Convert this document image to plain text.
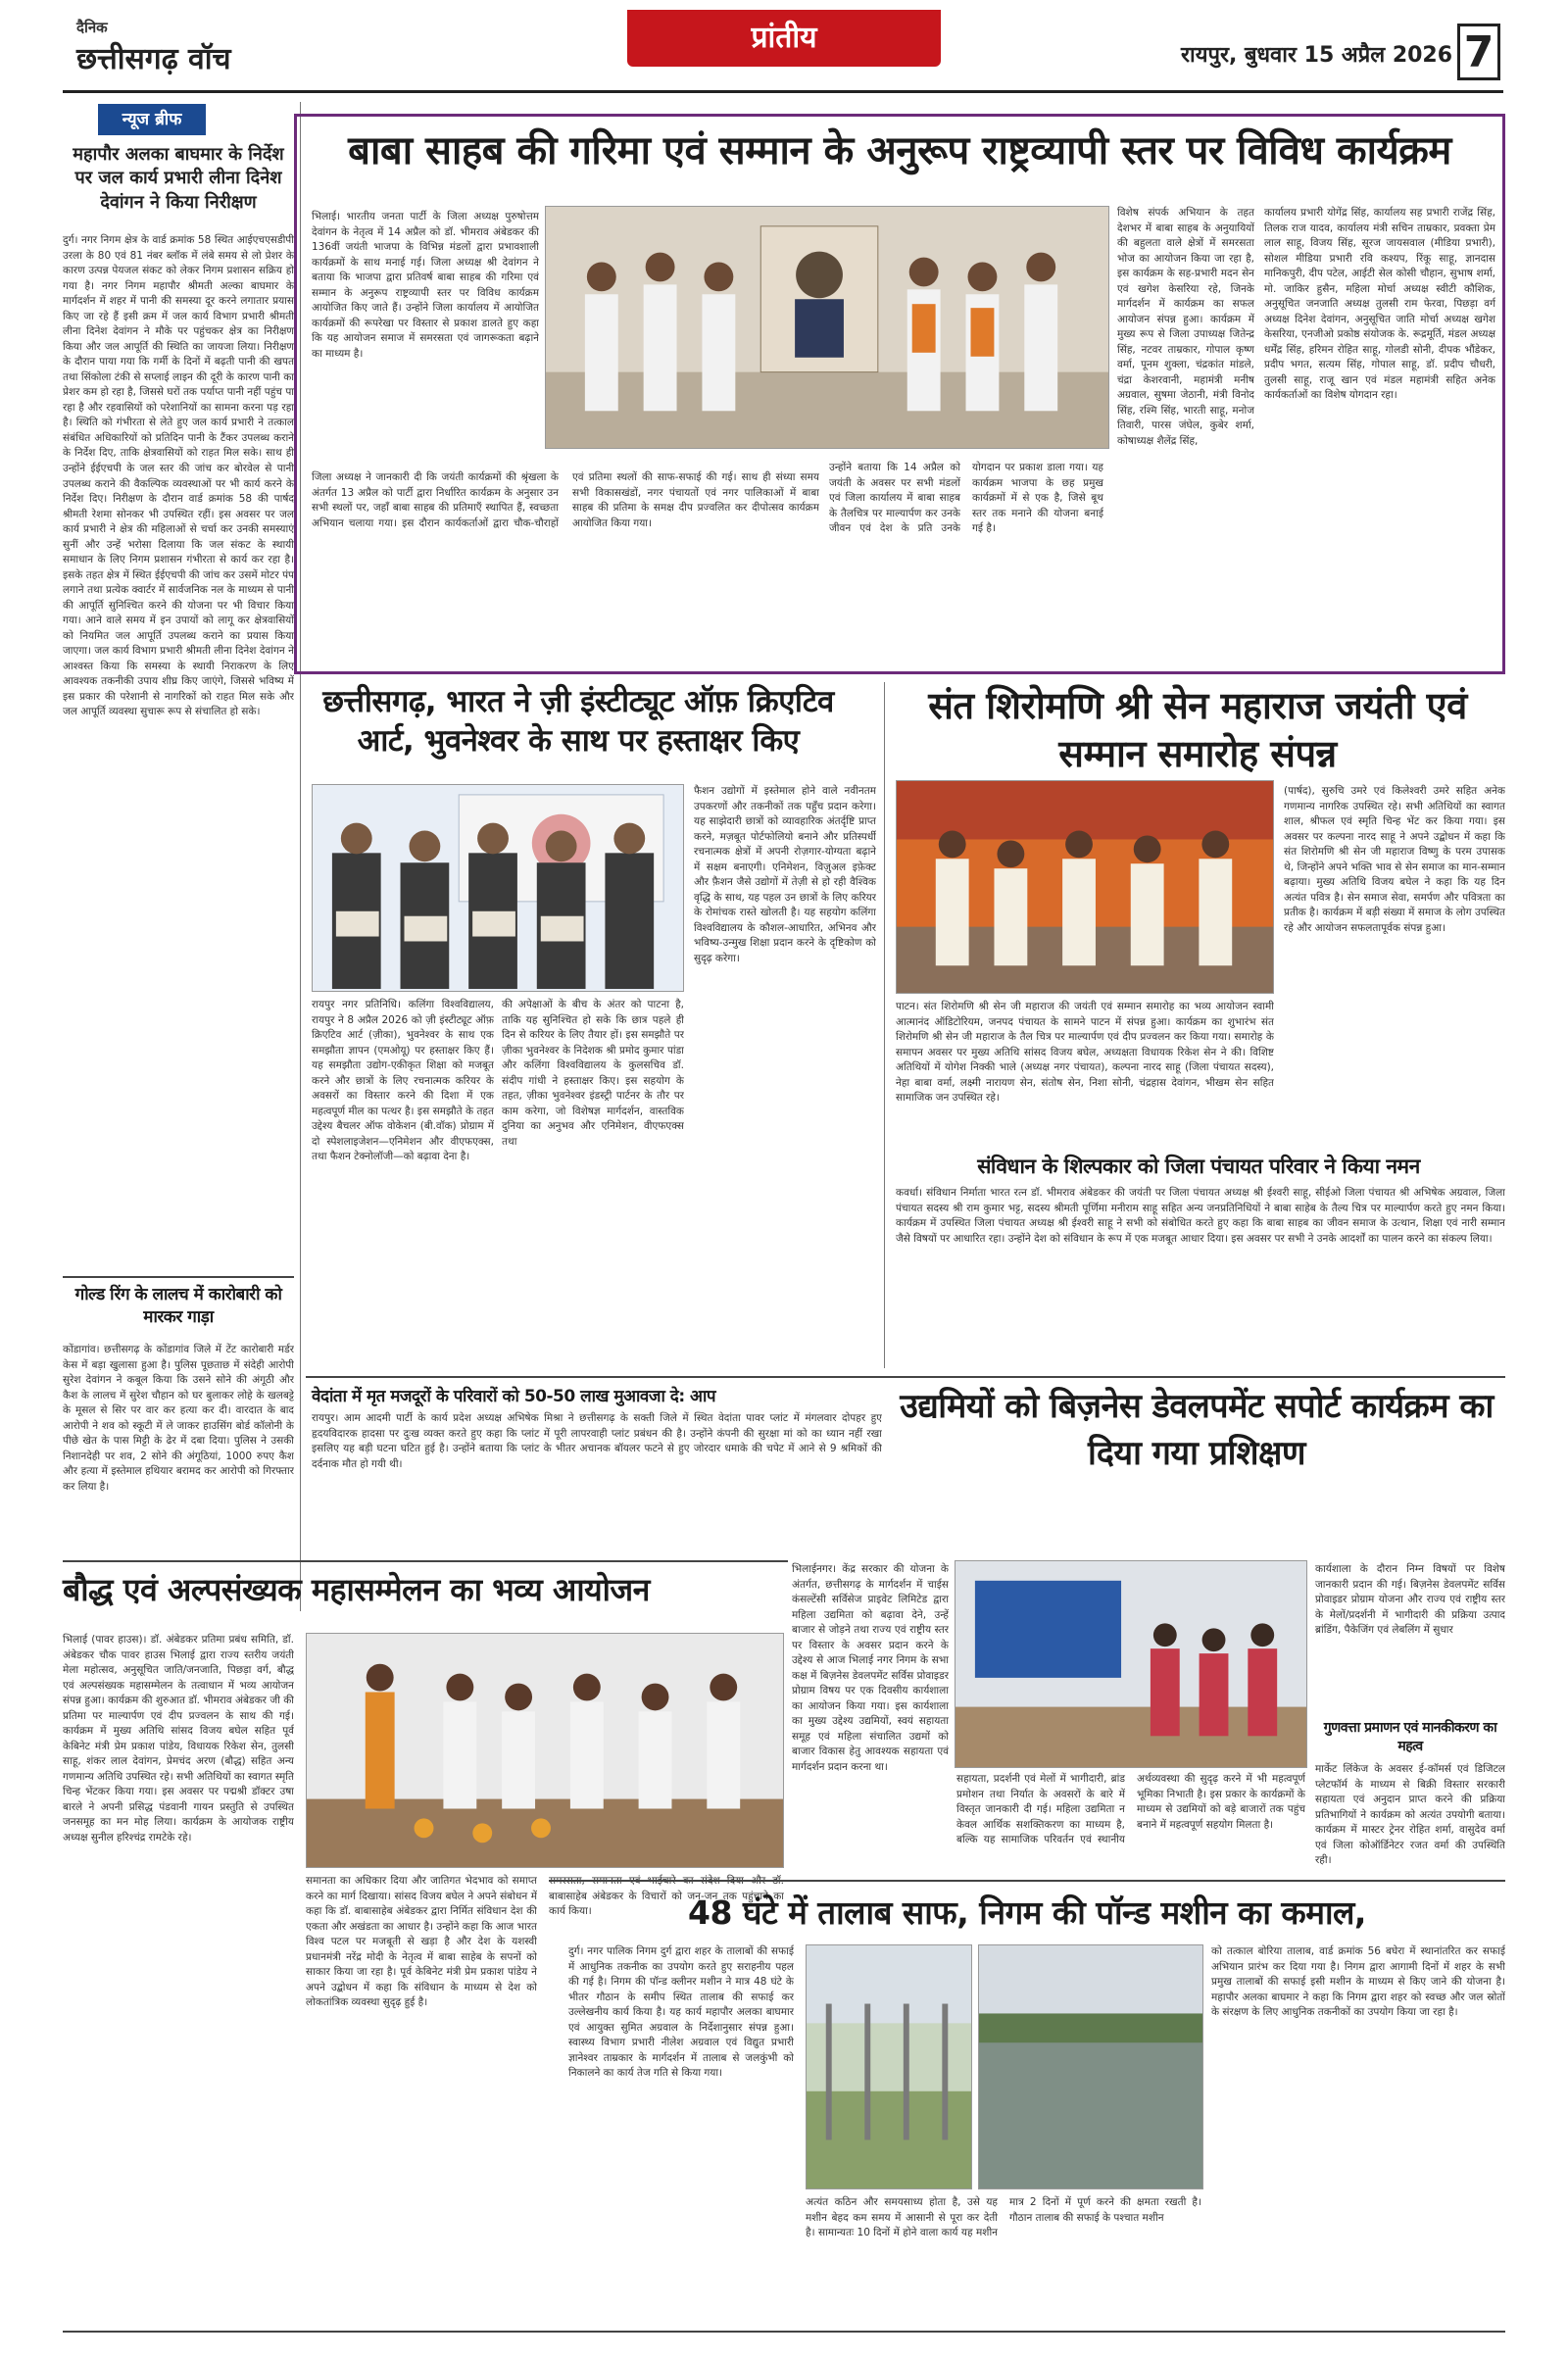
दैनिक
छत्तीसगढ़ वॉच
प्रांतीय
रायपुर, बुधवार 15 अप्रैल 2026 7
न्यूज ब्रीफ
महापौर अलका बाघमार के निर्देश पर जल कार्य प्रभारी लीना दिनेश देवांगन ने किया निरीक्षण
दुर्ग। नगर निगम क्षेत्र के वार्ड क्रमांक 58 स्थित आईएचएसडीपी उरला के 80 एवं 81 नंबर ब्लॉक में लंबे समय से लो प्रेशर के कारण उत्पन्न पेयजल संकट को लेकर निगम प्रशासन सक्रिय हो गया है। नगर निगम महापौर श्रीमती अल्का बाघमार के मार्गदर्शन में शहर में पानी की समस्या दूर करने लगातार प्रयास किए जा रहे हैं इसी क्रम में जल कार्य विभाग प्रभारी श्रीमती लीना दिनेश देवांगन ने मौके पर पहुंचकर क्षेत्र का निरीक्षण किया और जल आपूर्ति की स्थिति का जायजा लिया। निरीक्षण के दौरान पाया गया कि गर्मी के दिनों में बढ़ती पानी की खपत तथा सिंकोला टंकी से सप्लाई लाइन की दूरी के कारण पानी का प्रेशर कम हो रहा है, जिससे घरों तक पर्याप्त पानी नहीं पहुंच पा रहा है और रहवासियों को परेशानियों का सामना करना पड़ रहा है। स्थिति को गंभीरता से लेते हुए जल कार्य प्रभारी ने तत्काल संबंधित अधिकारियों को प्रतिदिन पानी के टैंकर उपलब्ध कराने के निर्देश दिए, ताकि क्षेत्रवासियों को राहत मिल सके। साथ ही उन्होंने ईईएचपी के जल स्तर की जांच कर बोरवेल से पानी उपलब्ध कराने की वैकल्पिक व्यवस्थाओं पर भी कार्य करने के निर्देश दिए। निरीक्षण के दौरान वार्ड क्रमांक 58 की पार्षद श्रीमती रेशमा सोनकर भी उपस्थित रहीं। इस अवसर पर जल कार्य प्रभारी ने क्षेत्र की महिलाओं से चर्चा कर उनकी समस्याएं सुनीं और उन्हें भरोसा दिलाया कि जल संकट के स्थायी समाधान के लिए निगम प्रशासन गंभीरता से कार्य कर रहा है। इसके तहत क्षेत्र में स्थित ईईएचपी की जांच कर उसमें मोटर पंप लगाने तथा प्रत्येक क्वार्टर में सार्वजनिक नल के माध्यम से पानी की आपूर्ति सुनिश्चित करने की योजना पर भी विचार किया गया। आने वाले समय में इन उपायों को लागू कर क्षेत्रवासियों को नियमित जल आपूर्ति उपलब्ध कराने का प्रयास किया जाएगा। जल कार्य विभाग प्रभारी श्रीमती लीना दिनेश देवांगन ने आश्वस्त किया कि समस्या के स्थायी निराकरण के लिए आवश्यक तकनीकी उपाय शीघ्र किए जाएंगे, जिससे भविष्य में इस प्रकार की परेशानी से नागरिकों को राहत मिल सके और जल आपूर्ति व्यवस्था सुचारू रूप से संचालित हो सके।
गोल्ड रिंग के लालच में कारोबारी को मारकर गाड़ा
कोंडागांव। छत्तीसगढ़ के कोंडागांव जिले में टेंट कारोबारी मर्डर केस में बड़ा खुलासा हुआ है। पुलिस पूछताछ में संदेही आरोपी सुरेश देवांगन ने कबूल किया कि उसने सोने की अंगूठी और कैश के लालच में सुरेश चौहान को घर बुलाकर लोहे के खलबट्टे के मूसल से सिर पर वार कर हत्या कर दी। वारदात के बाद आरोपी ने शव को स्कूटी में ले जाकर हाउसिंग बोर्ड कॉलोनी के पीछे खेत के पास मिट्टी के ढेर में दबा दिया। पुलिस ने उसकी निशानदेही पर शव, 2 सोने की अंगूठियां, 1000 रुपए कैश और हत्या में इस्तेमाल हथियार बरामद कर आरोपी को गिरफ्तार कर लिया है।
बाबा साहब की गरिमा एवं सम्मान के अनुरूप राष्ट्रव्यापी स्तर पर विविध कार्यक्रम
भिलाई। भारतीय जनता पार्टी के जिला अध्यक्ष पुरुषोत्तम देवांगन के नेतृत्व में 14 अप्रैल को डॉ. भीमराव अंबेडकर की 136वीं जयंती भाजपा के विभिन्न मंडलों द्वारा प्रभावशाली कार्यक्रमों के साथ मनाई गई। जिला अध्यक्ष श्री देवांगन ने बताया कि भाजपा द्वारा प्रतिवर्ष बाबा साहब की गरिमा एवं सम्मान के अनुरूप राष्ट्रव्यापी स्तर पर विविध कार्यक्रम आयोजित किए जाते हैं। उन्होंने जिला कार्यालय में आयोजित कार्यक्रमों की रूपरेखा पर विस्तार से प्रकाश डालते हुए कहा कि यह आयोजन समाज में समरसता एवं जागरूकता बढ़ाने का माध्यम है।
जिला अध्यक्ष ने जानकारी दी कि जयंती कार्यक्रमों की श्रृंखला के अंतर्गत 13 अप्रैल को पार्टी द्वारा निर्धारित कार्यक्रम के अनुसार उन सभी स्थलों पर, जहाँ बाबा साहब की प्रतिमाएँ स्थापित हैं, स्वच्छता अभियान चलाया गया। इस दौरान कार्यकर्ताओं द्वारा चौक-चौराहों एवं प्रतिमा स्थलों की साफ-सफाई की गई। साथ ही संध्या समय सभी विकासखंडों, नगर पंचायतों एवं नगर पालिकाओं में बाबा साहब की प्रतिमा के समक्ष दीप प्रज्वलित कर दीपोत्सव कार्यक्रम आयोजित किया गया।
उन्होंने बताया कि 14 अप्रैल को जयंती के अवसर पर सभी मंडलों एवं जिला कार्यालय में बाबा साहब के तैलचित्र पर माल्यार्पण कर उनके जीवन एवं देश के प्रति उनके योगदान पर प्रकाश डाला गया। यह कार्यक्रम भाजपा के छह प्रमुख कार्यक्रमों में से एक है, जिसे बूथ स्तर तक मनाने की योजना बनाई गई है।
विशेष संपर्क अभियान के तहत देशभर में बाबा साहब के अनुयायियों की बहुलता वाले क्षेत्रों में समरसता भोज का आयोजन किया जा रहा है, इस कार्यक्रम के सह-प्रभारी मदन सेन एवं खगेश केसरिया रहे, जिनके मार्गदर्शन में कार्यक्रम का सफल आयोजन संपन्न हुआ। कार्यक्रम में मुख्य रूप से जिला उपाध्यक्ष जितेन्द्र सिंह, नटवर ताम्रकार, गोपाल कृष्ण वर्मा, पूनम शुक्ला, चंद्रकांत मांडले, चंद्रा केशरवानी, महामंत्री मनीष अग्रवाल, सुषमा जेठानी, मंत्री विनोद सिंह, रश्मि सिंह, भारती साहू, मनोज तिवारी, पारस जंघेल, कुबेर शर्मा, कोषाध्यक्ष शैलेंद्र सिंह,
कार्यालय प्रभारी योगेंद्र सिंह, कार्यालय सह प्रभारी राजेंद्र सिंह, तिलक राज यादव, कार्यालय मंत्री सचिन ताम्रकार, प्रवक्ता प्रेम लाल साहू, विजय सिंह, सूरज जायसवाल (मीडिया प्रभारी), सोशल मीडिया प्रभारी रवि कश्यप, रिंकू साहू, ज्ञानदास मानिकपुरी, दीप पटेल, आईटी सेल कोसी चौहान, सुभाष शर्मा, मो. जाकिर हुसैन, महिला मोर्चा अध्यक्ष स्वीटी कौशिक, अनुसूचित जनजाति अध्यक्ष तुलसी राम फेरवा, पिछड़ा वर्ग अध्यक्ष दिनेश देवांगन, अनुसूचित जाति मोर्चा अध्यक्ष खगेश केसरिया, एनजीओ प्रकोष्ठ संयोजक के. रूद्रमूर्ति, मंडल अध्यक्ष धर्मेंद्र सिंह, हरिमन रोहित साहू, गोलडी सोनी, दीपक भौंडेकर, प्रदीप भगत, सत्यम सिंह, गोपाल साहू, डॉ. प्रदीप चौधरी, तुलसी साहू, राजू खान एवं मंडल महामंत्री सहित अनेक कार्यकर्ताओं का विशेष योगदान रहा।
छत्तीसगढ़, भारत ने ज़ी इंस्टीट्यूट ऑफ़ क्रिएटिव आर्ट, भुवनेश्वर के साथ पर हस्ताक्षर किए
रायपुर नगर प्रतिनिधि। कलिंगा विश्वविद्यालय, रायपुर ने 8 अप्रैल 2026 को ज़ी इंस्टीट्यूट ऑफ़ क्रिएटिव आर्ट (ज़ीका), भुवनेश्वर के साथ एक समझौता ज्ञापन (एमओयू) पर हस्ताक्षर किए हैं। यह समझौता उद्योग-एकीकृत शिक्षा को मजबूत करने और छात्रों के लिए रचनात्मक करियर के अवसरों का विस्तार करने की दिशा में एक महत्वपूर्ण मील का पत्थर है। इस समझौते के तहत उद्देश्य बैचलर ऑफ वोकेशन (बी.वॉक) प्रोग्राम में दो स्पेशलाइजेशन—एनिमेशन और वीएफएक्स, तथा फैशन टेक्नोलॉजी—को बढ़ावा देना है।
की अपेक्षाओं के बीच के अंतर को पाटना है, ताकि यह सुनिश्चित हो सके कि छात्र पहले ही दिन से करियर के लिए तैयार हों। इस समझौते पर ज़ीका भुवनेश्वर के निदेशक श्री प्रमोद कुमार पांडा और कलिंगा विश्वविद्यालय के कुलसचिव डॉ. संदीप गांधी ने हस्ताक्षर किए। इस सहयोग के तहत, ज़ीका भुवनेश्वर इंडस्ट्री पार्टनर के तौर पर काम करेगा, जो विशेषज्ञ मार्गदर्शन, वास्तविक दुनिया का अनुभव और एनिमेशन, वीएफएक्स तथा
फैशन उद्योगों में इस्तेमाल होने वाले नवीनतम उपकरणों और तकनीकों तक पहुँच प्रदान करेगा। यह साझेदारी छात्रों को व्यावहारिक अंतर्दृष्टि प्राप्त करने, मज़बूत पोर्टफोलियो बनाने और प्रतिस्पर्धी रचनात्मक क्षेत्रों में अपनी रोज़गार-योग्यता बढ़ाने में सक्षम बनाएगी। एनिमेशन, विज़ुअल इफ़ेक्ट और फ़ैशन जैसे उद्योगों में तेज़ी से हो रही वैश्विक वृद्धि के साथ, यह पहल उन छात्रों के लिए करियर के रोमांचक रास्ते खोलती है। यह सहयोग कलिंगा विश्वविद्यालय के कौशल-आधारित, अभिनव और भविष्य-उन्मुख शिक्षा प्रदान करने के दृष्टिकोण को सुदृढ़ करेगा।
संत शिरोमणि श्री सेन महाराज जयंती एवं सम्मान समारोह संपन्न
पाटन। संत शिरोमणि श्री सेन जी महाराज की जयंती एवं सम्मान समारोह का भव्य आयोजन स्वामी आत्मानंद ऑडिटोरियम, जनपद पंचायत के सामने पाटन में संपन्न हुआ। कार्यक्रम का शुभारंभ संत शिरोमणि श्री सेन जी महाराज के तैल चित्र पर माल्यार्पण एवं दीप प्रज्वलन कर किया गया। समारोह के समापन अवसर पर मुख्य अतिथि सांसद विजय बघेल, अध्यक्षता विधायक रिकेश सेन ने की। विशिष्ट अतिथियों में योगेश निक्की भाले (अध्यक्ष नगर पंचायत), कल्पना नारद साहू (जिला पंचायत सदस्य), नेहा बाबा वर्मा, लक्ष्मी नारायण सेन, संतोष सेन, निशा सोनी, चंद्रहास देवांगन, भीखम सेन सहित सामाजिक जन उपस्थित रहे।
(पार्षद), सुरुचि उमरे एवं किलेश्वरी उमरे सहित अनेक गणमान्य नागरिक उपस्थित रहे। सभी अतिथियों का स्वागत शाल, श्रीफल एवं स्मृति चिन्ह भेंट कर किया गया। इस अवसर पर कल्पना नारद साहू ने अपने उद्बोधन में कहा कि संत शिरोमणि श्री सेन जी महाराज विष्णु के परम उपासक थे, जिन्होंने अपने भक्ति भाव से सेन समाज का मान-सम्मान बढ़ाया। मुख्य अतिथि विजय बघेल ने कहा कि यह दिन अत्यंत पवित्र है। सेन समाज सेवा, समर्पण और पवित्रता का प्रतीक है। कार्यक्रम में बड़ी संख्या में समाज के लोग उपस्थित रहे और आयोजन सफलतापूर्वक संपन्न हुआ।
संविधान के शिल्पकार को जिला पंचायत परिवार ने किया नमन
कवर्धा। संविधान निर्माता भारत रत्न डॉ. भीमराव अंबेडकर की जयंती पर जिला पंचायत अध्यक्ष श्री ईश्वरी साहू, सीईओ जिला पंचायत श्री अभिषेक अग्रवाल, जिला पंचायत सदस्य श्री राम कुमार भट्ट, सदस्य श्रीमती पूर्णिमा मनीराम साहू सहित अन्य जनप्रतिनिधियों ने बाबा साहेब के तैल्य चित्र पर माल्यार्पण करते हुए नमन किया। कार्यक्रम में उपस्थित जिला पंचायत अध्यक्ष श्री ईश्वरी साहू ने सभी को संबोधित करते हुए कहा कि बाबा साहब का जीवन समाज के उत्थान, शिक्षा एवं नारी सम्मान जैसे विषयों पर आधारित रहा। उन्होंने देश को संविधान के रूप में एक मजबूत आधार दिया। इस अवसर पर सभी ने उनके आदर्शों का पालन करने का संकल्प लिया।
वेदांता में मृत मजदूरों के परिवारों को 50-50 लाख मुआवजा दे: आप
रायपुर। आम आदमी पार्टी के कार्य प्रदेश अध्यक्ष अभिषेक मिश्रा ने छत्तीसगढ़ के सक्ती जिले में स्थित वेदांता पावर प्लांट में मंगलवार दोपहर हुए हृदयविदारक हादसा पर दुःख व्यक्त करते हुए कहा कि प्लांट में पूरी लापरवाही प्लांट प्रबंधन की है। उन्होंने कंपनी की सुरक्षा मां को का ध्यान नहीं रखा इसलिए यह बड़ी घटना घटित हुई है। उन्होंने बताया कि प्लांट के भीतर अचानक बॉयलर फटने से हुए जोरदार धमाके की चपेट में आने से 9 श्रमिकों की दर्दनाक मौत हो गयी थी।
उद्यमियों को बिज़नेस डेवलपमेंट सपोर्ट कार्यक्रम का दिया गया प्रशिक्षण
भिलाईनगर। केंद्र सरकार की योजना के अंतर्गत, छत्तीसगढ़ के मार्गदर्शन में चाईस कंसल्टेंसी सर्विसेज प्राइवेट लिमिटेड द्वारा महिला उद्यमिता को बढ़ावा देने, उन्हें बाजार से जोड़ने तथा राज्य एवं राष्ट्रीय स्तर पर विस्तार के अवसर प्रदान करने के उद्देश्य से आज भिलाई नगर निगम के सभा कक्ष में बिज़नेस डेवलपमेंट सर्विस प्रोवाइडर प्रोग्राम विषय पर एक दिवसीय कार्यशाला का आयोजन किया गया। इस कार्यशाला का मुख्य उद्देश्य उद्यमियों, स्वयं सहायता समूह एवं महिला संचालित उद्यमों को बाजार विकास हेतु आवश्यक सहायता एवं मार्गदर्शन प्रदान करना था।
सहायता, प्रदर्शनी एवं मेलों में भागीदारी, ब्रांड प्रमोशन तथा निर्यात के अवसरों के बारे में विस्तृत जानकारी दी गई। महिला उद्यमिता न केवल आर्थिक सशक्तिकरण का माध्यम है, बल्कि यह सामाजिक परिवर्तन एवं स्थानीय अर्थव्यवस्था की सुदृढ़ करने में भी महत्वपूर्ण भूमिका निभाती है। इस प्रकार के कार्यक्रमों के माध्यम से उद्यमियों को बड़े बाजारों तक पहुंच बनाने में महत्वपूर्ण सहयोग मिलता है।
कार्यशाला के दौरान निम्न विषयों पर विशेष जानकारी प्रदान की गई। बिज़नेस डेवलपमेंट सर्विस प्रोवाइडर प्रोग्राम योजना और राज्य एवं राष्ट्रीय स्तर के मेलों/प्रदर्शनी में भागीदारी की प्रक्रिया उत्पाद ब्रांडिंग, पैकेजिंग एवं लेबलिंग में सुधार
गुणवत्ता प्रमाणन एवं मानकीकरण का महत्व
मार्केट लिंकेज के अवसर ई-कॉमर्स एवं डिजिटल प्लेटफॉर्म के माध्यम से बिक्री विस्तार सरकारी सहायता एवं अनुदान प्राप्त करने की प्रक्रिया प्रतिभागियों ने कार्यक्रम को अत्यंत उपयोगी बताया। कार्यक्रम में मास्टर ट्रेनर रोहित शर्मा, वासुदेव वर्मा एवं जिला कोऑर्डिनेटर रजत वर्मा की उपस्थिति रही।
बौद्ध एवं अल्पसंख्यक महासम्मेलन का भव्य आयोजन
भिलाई (पावर हाउस)। डॉ. अंबेडकर प्रतिमा प्रबंध समिति, डॉ. अंबेडकर चौक पावर हाउस भिलाई द्वारा राज्य स्तरीय जयंती मेला महोत्सव, अनुसूचित जाति/जनजाति, पिछड़ा वर्ग, बौद्ध एवं अल्पसंख्यक महासम्मेलन के तत्वाधान में भव्य आयोजन संपन्न हुआ। कार्यक्रम की शुरुआत डॉ. भीमराव अंबेडकर जी की प्रतिमा पर माल्यार्पण एवं दीप प्रज्वलन के साथ की गई। कार्यक्रम में मुख्य अतिथि सांसद विजय बघेल सहित पूर्व केबिनेट मंत्री प्रेम प्रकाश पांडेय, विधायक रिकेश सेन, तुलसी साहू, शंकर लाल देवांगन, प्रेमचंद अरण (बौद्ध) सहित अन्य गणमान्य अतिथि उपस्थित रहे। सभी अतिथियों का स्वागत स्मृति चिन्ह भेंटकर किया गया। इस अवसर पर पद्मश्री डॉक्टर उषा बारले ने अपनी प्रसिद्ध पंडवानी गायन प्रस्तुति से उपस्थित जनसमूह का मन मोह लिया। कार्यक्रम के आयोजक राष्ट्रीय अध्यक्ष सुनील हरिश्चंद्र रामटेके रहे।
समानता का अधिकार दिया और जातिगत भेदभाव को समाप्त करने का मार्ग दिखाया। सांसद विजय बघेल ने अपने संबोधन में कहा कि डॉ. बाबासाहेब अंबेडकर द्वारा निर्मित संविधान देश की एकता और अखंडता का आधार है। उन्होंने कहा कि आज भारत विश्व पटल पर मजबूती से खड़ा है और देश के यशस्वी प्रधानमंत्री नरेंद्र मोदी के नेतृत्व में बाबा साहेब के सपनों को साकार किया जा रहा है। पूर्व केबिनेट मंत्री प्रेम प्रकाश पांडेय ने अपने उद्बोधन में कहा कि संविधान के माध्यम से देश को लोकतांत्रिक व्यवस्था सुदृढ़ हुई है।
बाबासाहेब अंबेडकर के विचारों को जन-जन तक पहुंचाने का कार्य किया।	48 घंटे में तालाब साफ, निगम की पॉन्ड मशीन का कमाल,
दुर्ग। नगर पालिक निगम दुर्ग द्वारा शहर के तालाबों की सफाई में आधुनिक तकनीक का उपयोग करते हुए सराहनीय पहल की गई है। निगम की पॉन्ड क्लीनर मशीन ने मात्र 48 घंटे के भीतर गौठान के समीप स्थित तालाब की सफाई कर उल्लेखनीय कार्य किया है। यह कार्य महापौर अलका बाघमार एवं आयुक्त सुमित अग्रवाल के निर्देशानुसार संपन्न हुआ। स्वास्थ्य विभाग प्रभारी नीलेश अग्रवाल एवं विद्युत प्रभारी ज्ञानेश्वर ताम्रकार के मार्गदर्शन में तालाब से जलकुंभी को निकालने का कार्य तेज गति से किया गया।
अत्यंत कठिन और समयसाध्य होता है, उसे यह मशीन बेहद कम समय में आसानी से पूरा कर देती है। सामान्यतः 10 दिनों में होने वाला कार्य यह मशीन मात्र 2 दिनों में पूर्ण करने की क्षमता रखती है। गौठान तालाब की सफाई के पश्चात मशीन
को तत्काल बोरिया तालाब, वार्ड क्रमांक 56 बघेरा में स्थानांतरित कर सफाई अभियान प्रारंभ कर दिया गया है। निगम द्वारा आगामी दिनों में शहर के सभी प्रमुख तालाबों की सफाई इसी मशीन के माध्यम से किए जाने की योजना है। महापौर अलका बाघमार ने कहा कि निगम द्वारा शहर को स्वच्छ और जल स्रोतों के संरक्षण के लिए आधुनिक तकनीकों का उपयोग किया जा रहा है।
